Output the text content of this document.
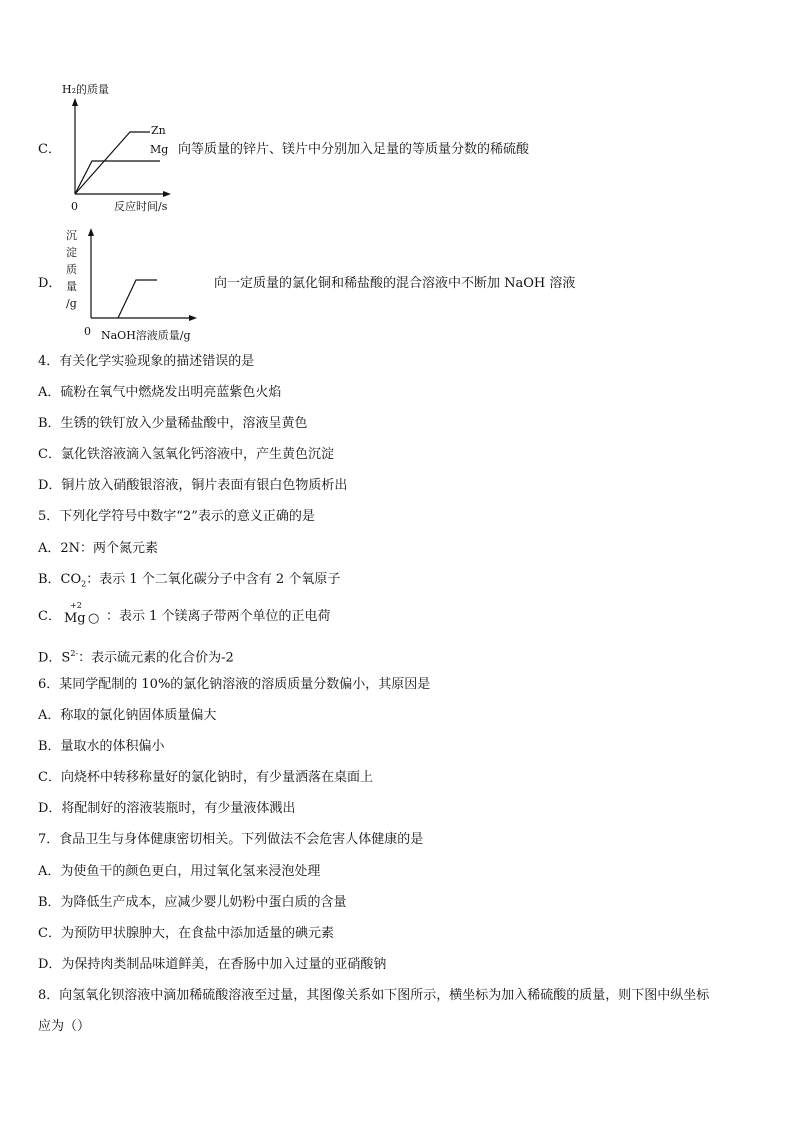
C．
H₂的质量
Zn
Mg
0	反应时间/s
向等质量的锌片、镁片中分别加入足量的等质量分数的稀硫酸
D．
沉
淀
质
量
/g
0 NaOH溶液质量/g
向一定质量的氯化铜和稀盐酸的混合溶液中不断加 NaOH 溶液
4．有关化学实验现象的描述错误的是
A．硫粉在氧气中燃烧发出明亮蓝紫色火焰
B．生锈的铁钉放入少量稀盐酸中，溶液呈黄色
C．氯化铁溶液滴入氢氧化钙溶液中，产生黄色沉淀
D．铜片放入硝酸银溶液，铜片表面有银白色物质析出
5．下列化学符号中数字“2”表示的意义正确的是
A．2N：两个氮元素
B．$CO_2$：表示 1 个二氧化碳分子中含有 2 个氧原子
C．
+2
Mg ○ ：表示 1 个镁离子带两个单位的正电荷
D．$S^{2-}$：表示硫元素的化合价为-2
6．某同学配制的 10%的氯化钠溶液的溶质质量分数偏小，其原因是
A．称取的氯化钠固体质量偏大
B．量取水的体积偏小
C．向烧杯中转移称量好的氯化钠时，有少量洒落在桌面上
D．将配制好的溶液装瓶时，有少量液体溅出
7．食品卫生与身体健康密切相关。下列做法不会危害人体健康的是
A．为使鱼干的颜色更白，用过氧化氢来浸泡处理
B．为降低生产成本，应减少婴儿奶粉中蛋白质的含量
C．为预防甲状腺肿大，在食盐中添加适量的碘元素
D．为保持肉类制品味道鲜美，在香肠中加入过量的亚硝酸钠
8．向氢氧化钡溶液中滴加稀硫酸溶液至过量，其图像关系如下图所示，横坐标为加入稀硫酸的质量，则下图中纵坐标
应为（）
